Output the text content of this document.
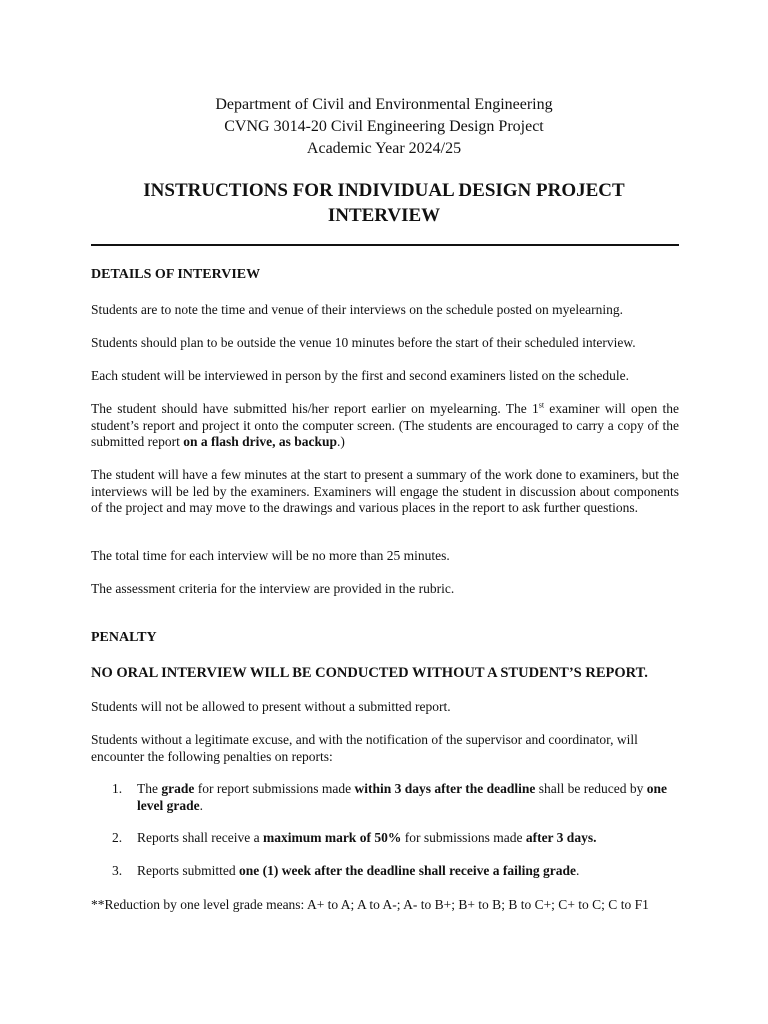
Department of Civil and Environmental Engineering
CVNG 3014-20 Civil Engineering Design Project
Academic Year 2024/25
INSTRUCTIONS FOR INDIVIDUAL DESIGN PROJECT
INTERVIEW
DETAILS OF INTERVIEW
Students are to note the time and venue of their interviews on the schedule posted on myelearning.
Students should plan to be outside the venue 10 minutes before the start of their scheduled interview.
Each student will be interviewed in person by the first and second examiners listed on the schedule.
The student should have submitted his/her report earlier on myelearning. The 1st examiner will open the student’s report and project it onto the computer screen. (The students are encouraged to carry a copy of the submitted report on a flash drive, as backup.)
The student will have a few minutes at the start to present a summary of the work done to examiners, but the interviews will be led by the examiners. Examiners will engage the student in discussion about components of the project and may move to the drawings and various places in the report to ask further questions.
The total time for each interview will be no more than 25 minutes.
The assessment criteria for the interview are provided in the rubric.
PENALTY
NO ORAL INTERVIEW WILL BE CONDUCTED WITHOUT A STUDENT’S REPORT.
Students will not be allowed to present without a submitted report.
Students without a legitimate excuse, and with the notification of the supervisor and coordinator, will encounter the following penalties on reports:
1. The grade for report submissions made within 3 days after the deadline shall be reduced by one level grade.
2. Reports shall receive a maximum mark of 50% for submissions made after 3 days.
3. Reports submitted one (1) week after the deadline shall receive a failing grade.
**Reduction by one level grade means: A+ to A; A to A-; A- to B+; B+ to B; B to C+; C+ to C; C to F1
